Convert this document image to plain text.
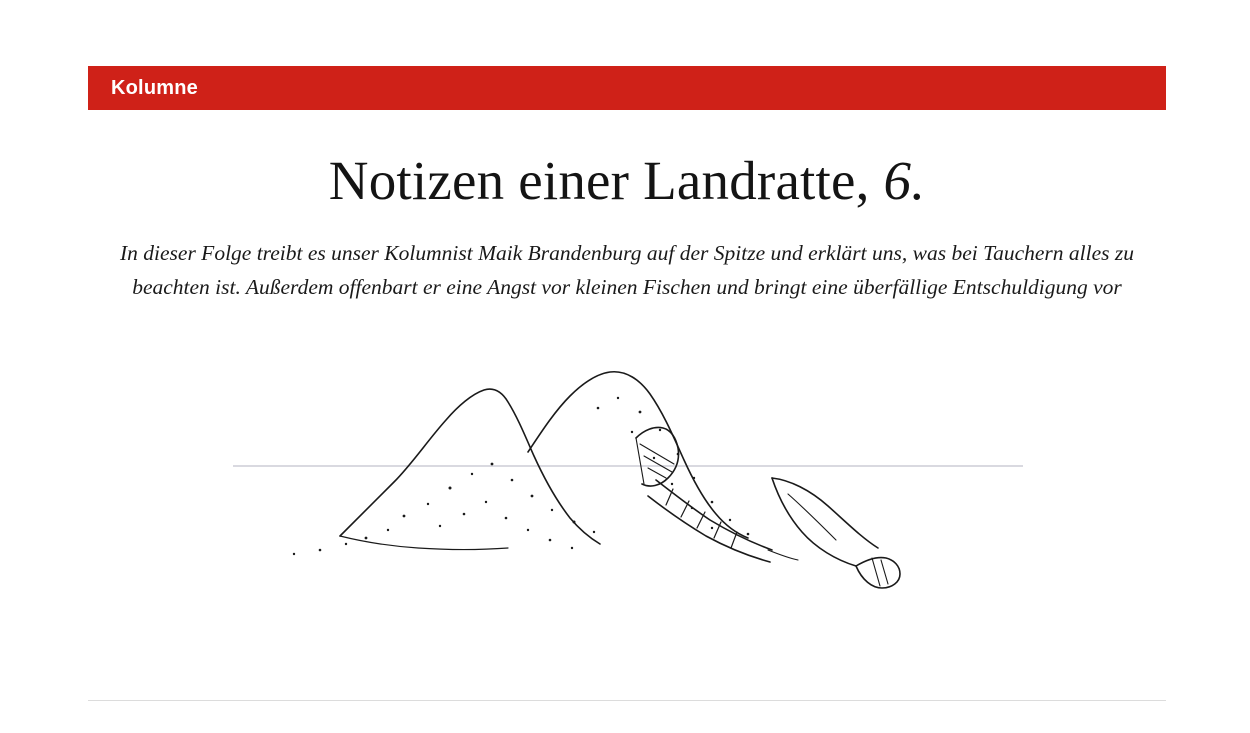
Kolumne
Notizen einer Landratte, 6.

In dieser Folge treibt es unser Kolumnist Maik Brandenburg auf der Spitze und erklärt uns, was bei Tauchern alles zu beachten ist. Außerdem offenbart er eine Angst vor kleinen Fischen und bringt eine überfällige Entschuldigung vor
